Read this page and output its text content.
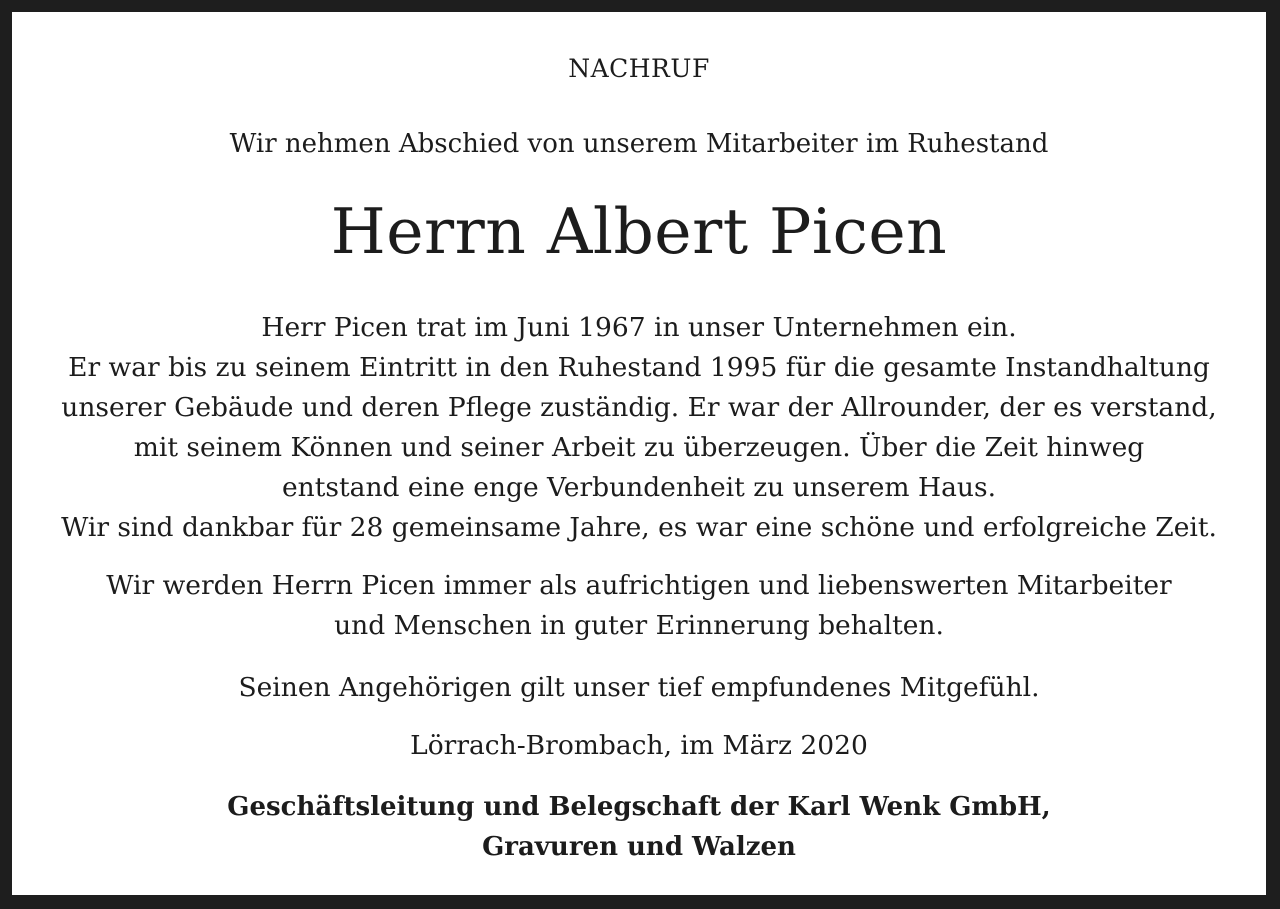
NACHRUF
Wir nehmen Abschied von unserem Mitarbeiter im Ruhestand
Herrn Albert Picen
Herr Picen trat im Juni 1967 in unser Unternehmen ein.
Er war bis zu seinem Eintritt in den Ruhestand 1995 für die gesamte Instandhaltung
unserer Gebäude und deren Pflege zuständig. Er war der Allrounder, der es verstand,
mit seinem Können und seiner Arbeit zu überzeugen. Über die Zeit hinweg
entstand eine enge Verbundenheit zu unserem Haus.
Wir sind dankbar für 28 gemeinsame Jahre, es war eine schöne und erfolgreiche Zeit.
Wir werden Herrn Picen immer als aufrichtigen und liebenswerten Mitarbeiter
und Menschen in guter Erinnerung behalten.
Seinen Angehörigen gilt unser tief empfundenes Mitgefühl.
Lörrach-Brombach, im März 2020
Geschäftsleitung und Belegschaft der Karl Wenk GmbH,
Gravuren und Walzen
